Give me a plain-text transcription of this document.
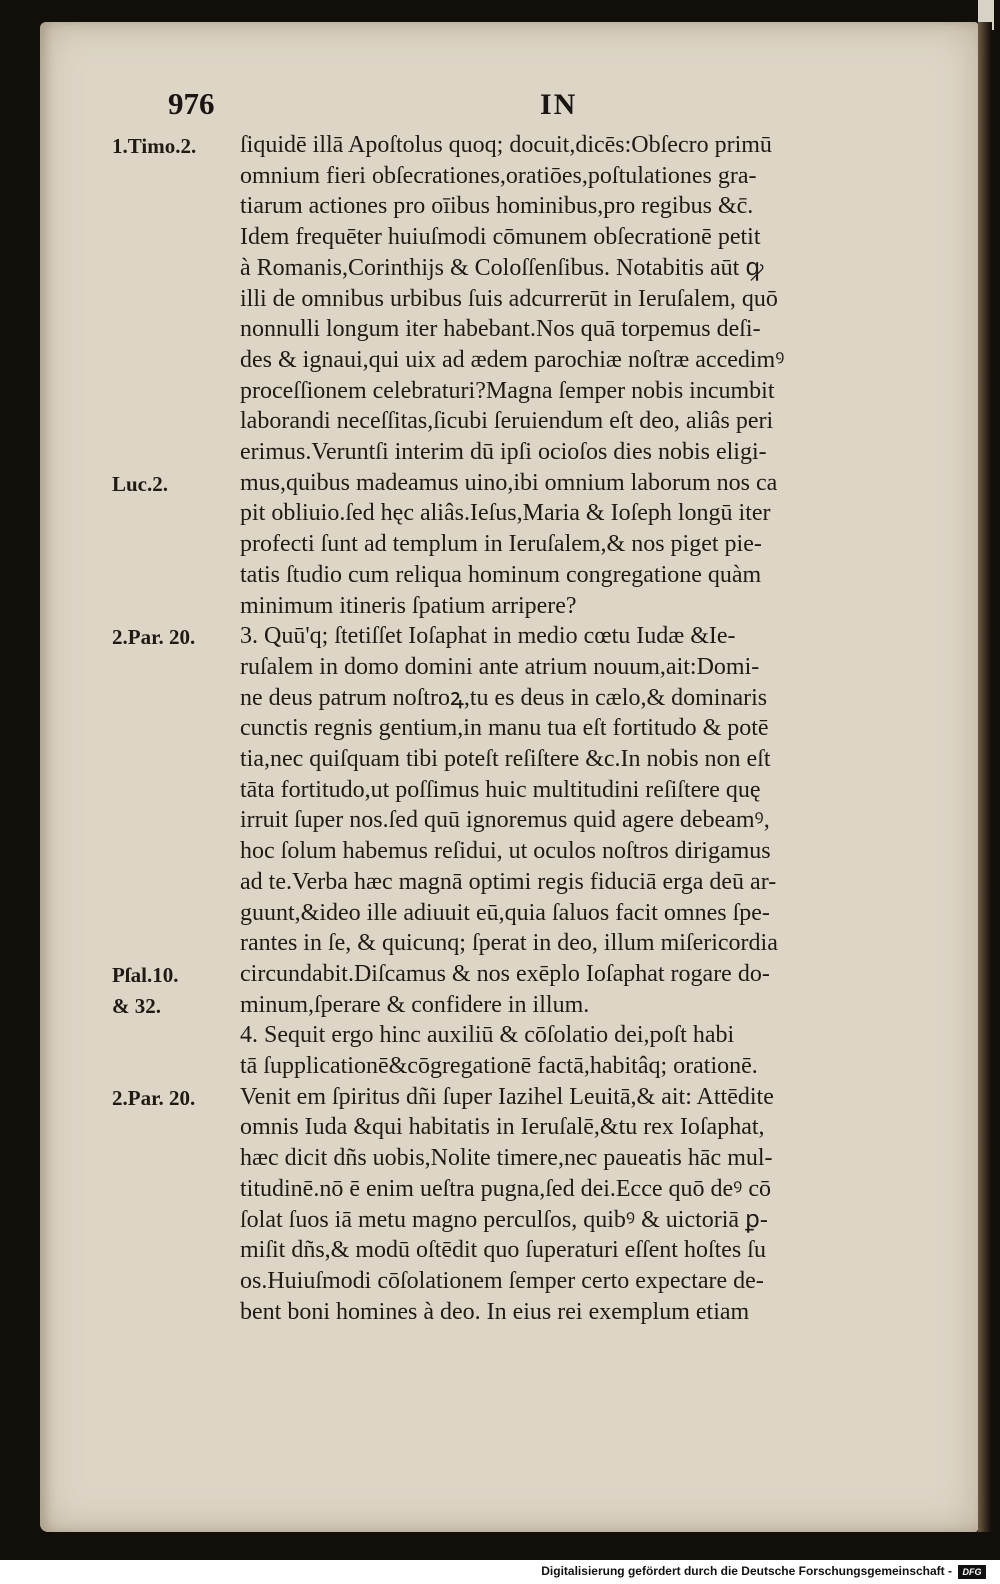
976	IN
ſiquidē illā Apoſtolus quoq; docuit,dicēs:Obſecro primū
omnium fieri obſecrationes,oratiōes,poſtulationes gra-
tiarum actiones pro oīibus hominibus,pro regibus &c̄.
Idem frequēter huiuſmodi cōmunem obſecrationē petit
à Romanis,Corinthijs & Coloſſenſibus. Notabitis aūt ꝙ
illi de omnibus urbibus ſuis adcurrerūt in Ieruſalem, quō
nonnulli longum iter habebant.Nos quā torpemus deſi-
des & ignaui,qui uix ad ædem parochiæ noſtræ accedimꝰ
proceſſionem celebraturi?Magna ſemper nobis incumbit
laborandi neceſſitas,ſicubi ſeruiendum eſt deo, aliâs peri
erimus.Veruntſi interim dū ipſi ocioſos dies nobis eligi-
mus,quibus madeamus uino,ibi omnium laborum nos ca
pit obliuio.ſed hęc aliâs.Ieſus,Maria & Ioſeph longū iter
profecti ſunt ad templum in Ieruſalem,& nos piget pie-
tatis ſtudio cum reliqua hominum congregatione quàm
minimum itineris ſpatium arripere?
3. Quū'q; ſtetiſſet Ioſaphat in medio cœtu Iudæ &Ie-
ruſalem in domo domini ante atrium nouum,ait:Domi-
ne deus patrum noſtroꝝ,tu es deus in cælo,& dominaris
cunctis regnis gentium,in manu tua eſt fortitudo & potē
tia,nec quiſquam tibi poteſt reſiſtere &c.In nobis non eſt
tāta fortitudo,ut poſſimus huic multitudini reſiſtere quę
irruit ſuper nos.ſed quū ignoremus quid agere debeamꝰ,
hoc ſolum habemus reſidui, ut oculos noſtros dirigamus
ad te.Verba hæc magnā optimi regis fiduciā erga deū ar-
guunt,&ideo ille adiuuit eū,quia ſaluos facit omnes ſpe-
rantes in ſe, & quicunq; ſperat in deo, illum miſericordia
circundabit.Diſcamus & nos exēplo Ioſaphat rogare do-
minum,ſperare & confidere in illum.
4. Sequit ergo hinc auxiliū & cōſolatio dei,poſt habi
tā ſupplicationē&cōgregationē factā,habitâq; orationē.
Venit em ſpiritus dñi ſuper Iazihel Leuitā,& ait: Attēdite
omnis Iuda &qui habitatis in Ieruſalē,&tu rex Ioſaphat,
hæc dicit dñs uobis,Nolite timere,nec paueatis hāc mul-
titudinē.nō ē enim ueſtra pugna,ſed dei.Ecce quō deꝰ cō
ſolat ſuos iā metu magno perculſos, quibꝰ & uictoriā ꝑ-
miſit dñs,& modū oſtēdit quo ſuperaturi eſſent hoſtes ſu
os.Huiuſmodi cōſolationem ſemper certo expectare de-
bent boni homines à deo. In eius rei exemplum etiam
1.Timo.2.
Luc.2.
2.Par. 20.
Pſal.10.
& 32.
2.Par. 20.
Digitalisierung gefördert durch die Deutsche Forschungsgemeinschaft -	DFG
